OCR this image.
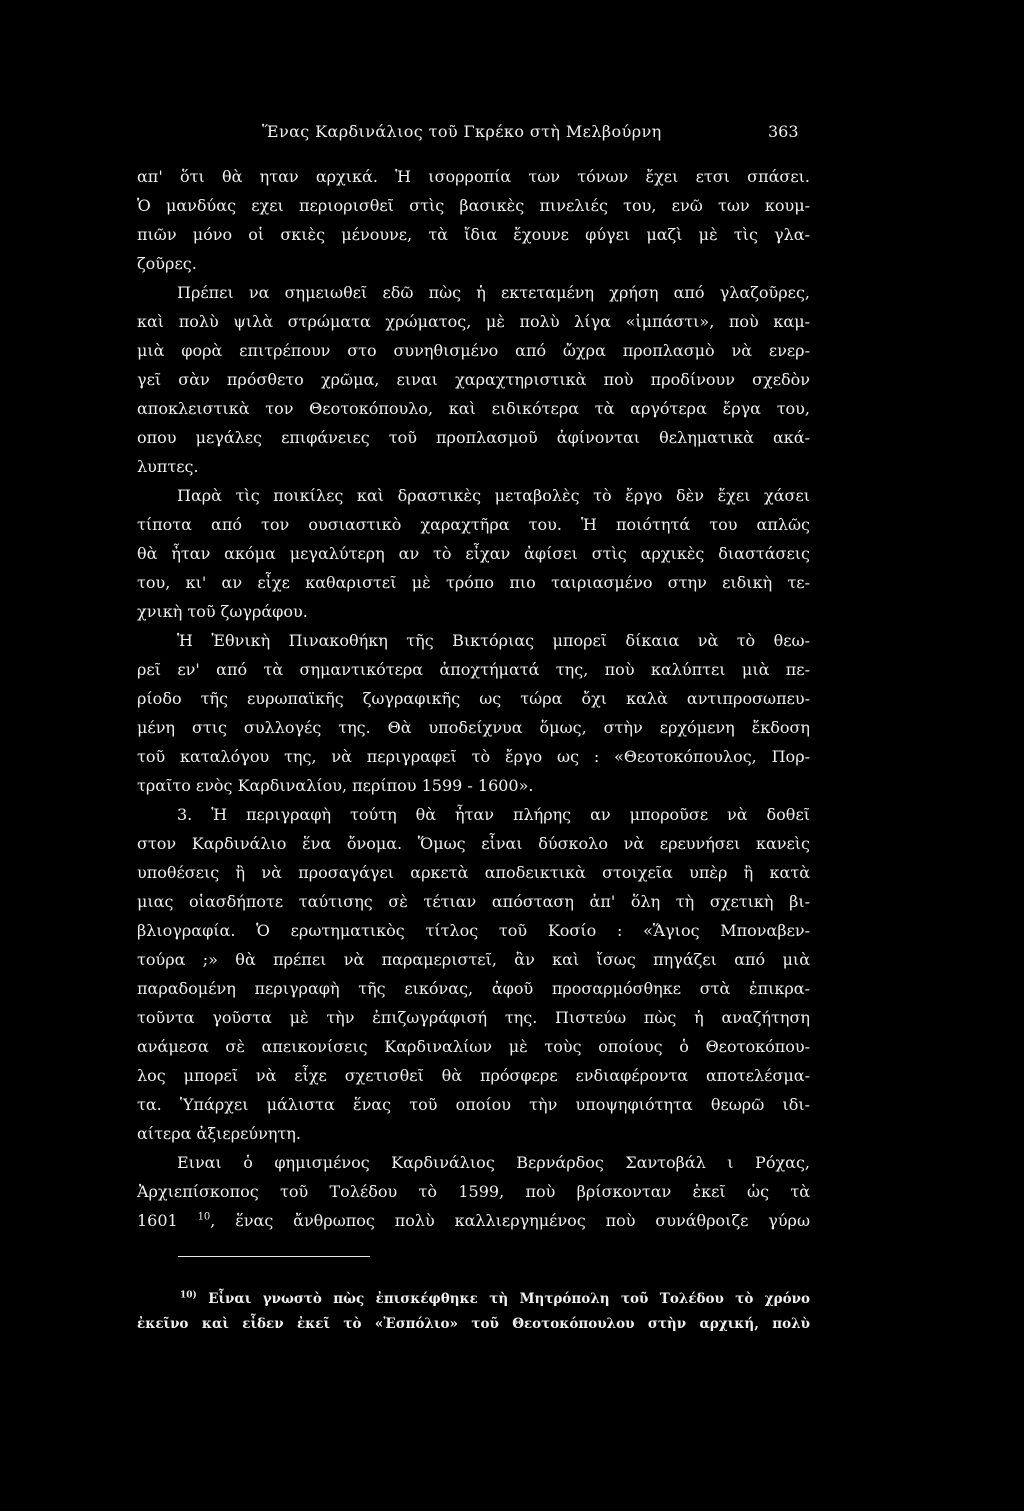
Ἕνας Καρδινάλιος τοῦ Γκρέκο στὴ Μελβούρνη	363
απ' ὅτι θὰ ηταν αρχικά. Ἡ ισορροπία των τόνων ἔχει ετσι σπάσει.
Ὁ μανδύας εχει περιορισθεῖ στὶς βασικὲς πινελιές του, ενῶ των κουμ-
πιῶν μόνο οἱ σκιὲς μένουνε, τὰ ἴδια ἔχουνε φύγει μαζὶ μὲ τὶς γλα-
ζοῦρες.
Πρέπει να σημειωθεῖ εδῶ πὼς ἡ εκτεταμένη χρήση από γλαζοῦρες,
καὶ πολὺ ψιλὰ στρώματα χρώματος, μὲ πολὺ λίγα «ἰμπάστι», ποὺ καμ-
μιὰ φορὰ επιτρέπουν στο συνηθισμένο από ὤχρα προπλασμὸ νὰ ενερ-
γεῖ σὰν πρόσθετο χρῶμα, ειναι χαραχτηριστικὰ ποὺ προδίνουν σχεδὸν
αποκλειστικὰ τον Θεοτοκόπουλο, καὶ ειδικότερα τὰ αργότερα ἔργα του,
οπου μεγάλες επιφάνειες τοῦ προπλασμοῦ ἀφίνονται θεληματικὰ ακά-
λυπτες.
Παρὰ τὶς ποικίλες καὶ δραστικὲς μεταβολὲς τὸ ἔργο δὲν ἔχει χάσει
τίποτα από τον ουσιαστικὸ χαραχτῆρα του. Ἡ ποιότητά του απλῶς
θὰ ἦταν ακόμα μεγαλύτερη αν τὸ εἶχαν ἀφίσει στὶς αρχικὲς διαστάσεις
του, κι' αν εἶχε καθαριστεῖ μὲ τρόπο πιο ταιριασμένο στην ειδικὴ τε-
χνικὴ τοῦ ζωγράφου.
Ἡ Ἐθνικὴ Πινακοθήκη τῆς Βικτόριας μπορεῖ δίκαια νὰ τὸ θεω-
ρεῖ εν' από τὰ σημαντικότερα ἀποχτήματά της, ποὺ καλύπτει μιὰ πε-
ρίοδο τῆς ευρωπαϊκῆς ζωγραφικῆς ως τώρα ὄχι καλὰ αντιπροσωπευ-
μένη στις συλλογές της. Θὰ υποδείχνυα ὅμως, στὴν ερχόμενη ἔκδοση
τοῦ καταλόγου της, νὰ περιγραφεῖ τὸ ἔργο ως : «Θεοτοκόπουλος, Πορ-
τραῖτο ενὸς Καρδιναλίου, περίπου 1599 - 1600».
3. Ἡ περιγραφὴ τούτη θὰ ἦταν πλήρης αν μποροῦσε νὰ δοθεῖ
στον Καρδινάλιο ἕνα ὄνομα. Ὅμως εἶναι δύσκολο νὰ ερευνήσει κανεὶς
υποθέσεις ἢ νὰ προσαγάγει αρκετὰ αποδεικτικὰ στοιχεῖα υπὲρ ἢ κατὰ
μιας οἱασδήποτε ταύτισης σὲ τέτιαν απόσταση ἀπ' ὅλη τὴ σχετικὴ βι-
βλιογραφία. Ὁ ερωτηματικὸς τίτλος τοῦ Κοσίο : «Ἅγιος Μποναβεν-
τούρα ;» θὰ πρέπει νὰ παραμεριστεῖ, ἂν καὶ ἴσως πηγάζει από μιὰ
παραδομένη περιγραφὴ τῆς εικόνας, ἀφοῦ προσαρμόσθηκε στὰ ἐπικρα-
τοῦντα γοῦστα μὲ τὴν ἐπιζωγράφισή της. Πιστεύω πὼς ἡ αναζήτηση
ανάμεσα σὲ απεικονίσεις Καρδιναλίων μὲ τοὺς οποίους ὁ Θεοτοκόπου-
λος μπορεῖ νὰ εἶχε σχετισθεῖ θὰ πρόσφερε ενδιαφέροντα αποτελέσμα-
τα. Ὑπάρχει μάλιστα ἕνας τοῦ οποίου τὴν υποψηφιότητα θεωρῶ ιδι-
αίτερα ἀξιερεύνητη.
Ειναι ὁ φημισμένος Καρδινάλιος Βερνάρδος Σαντοβάλ ι Ρόχας,
Ἀρχιεπίσκοπος τοῦ Τολέδου τὸ 1599, ποὺ βρίσκονταν ἐκεῖ ὡς τὰ
1601 $^{10}$, ἕνας ἄνθρωπος πολὺ καλλιεργημένος ποὺ συνάθροιζε γύρω
$^{10)}$ Εἶναι γνωστὸ πὼς ἐπισκέφθηκε τὴ Μητρόπολη τοῦ Τολέδου τὸ χρόνο
ἐκεῖνο καὶ εἶδεν ἐκεῖ τὸ «Ἐσπόλιο» τοῦ Θεοτοκόπουλου στὴν αρχική, πολὺ
